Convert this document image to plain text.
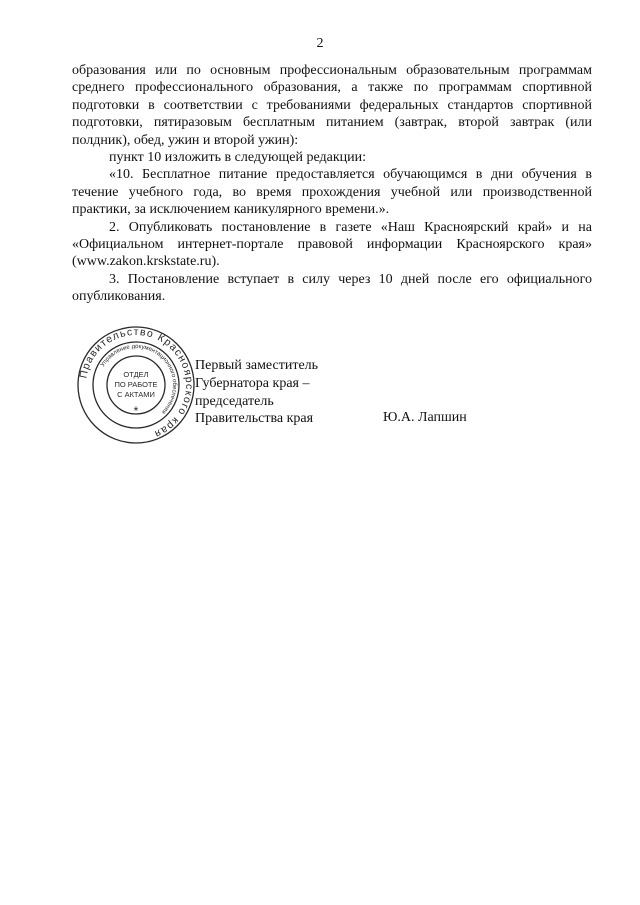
2

образования или по основным профессиональным образовательным программам среднего профессионального образования, а также по программам спортивной подготовки в соответствии с требованиями федеральных стандартов спортивной подготовки, пятиразовым бесплатным питанием (завтрак, второй завтрак (или полдник), обед, ужин и второй ужин):

пункт 10 изложить в следующей редакции:

«10. Бесплатное питание предоставляется обучающимся в дни обучения в течение учебного года, во время прохождения учебной или производственной практики, за исключением каникулярного времени.».

2. Опубликовать постановление в газете «Наш Красноярский край» и на «Официальном интернет-портале правовой информации Красноярского края» (www.zakon.krskstate.ru).

3. Постановление вступает в силу через 10 дней после его официального опубликования.

Правительство Красноярского края
Управление документационного обеспечения
ОТДЕЛ
ПО РАБОТЕ
С АКТАМИ
*
Первый заместитель
Губернатора края –
председатель
Правительства края	Ю.А. Лапшин
